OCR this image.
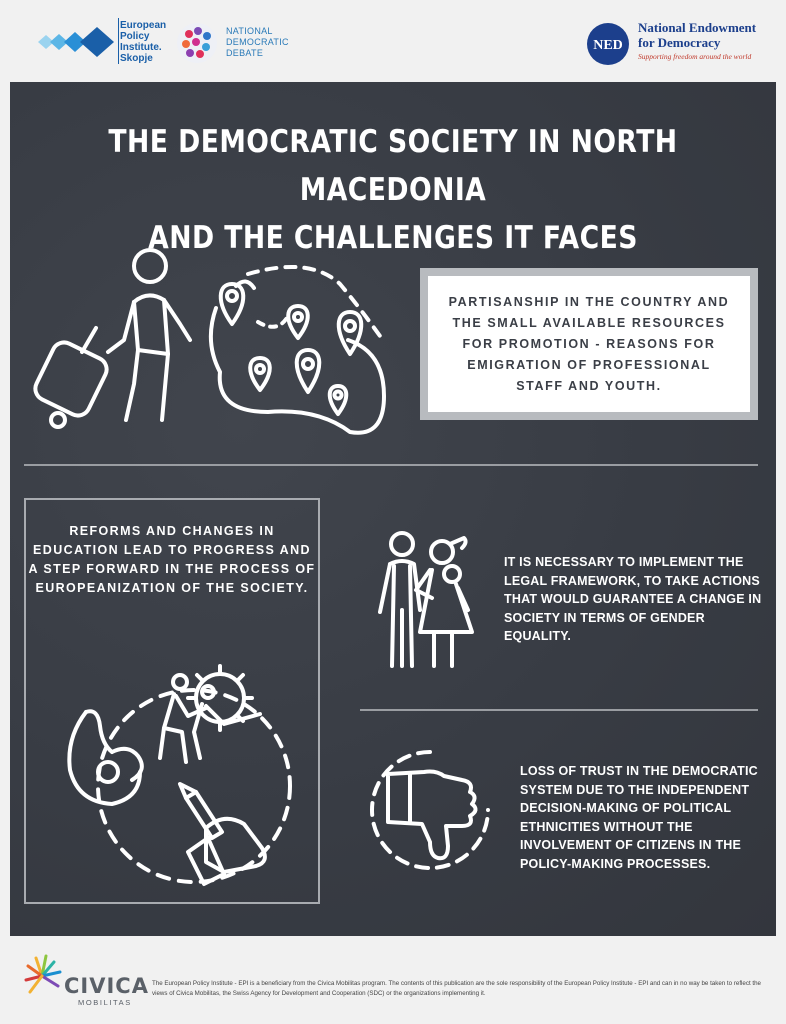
European
Policy
Institute.
Skopje
NATIONAL
DEMOCRATIC
DEBATE	NED
National Endowment
for Democracy
Supporting freedom around the world
THE DEMOCRATIC SOCIETY IN NORTH MACEDONIA
AND THE CHALLENGES IT FACES
PARTISANSHIP IN THE COUNTRY AND THE SMALL AVAILABLE RESOURCES FOR PROMOTION - REASONS FOR EMIGRATION OF PROFESSIONAL STAFF AND YOUTH.
REFORMS AND CHANGES IN EDUCATION LEAD TO PROGRESS AND A STEP FORWARD IN THE PROCESS OF EUROPEANIZATION OF THE SOCIETY.
IT IS NECESSARY TO IMPLEMENT THE LEGAL FRAMEWORK, TO TAKE ACTIONS THAT WOULD GUARANTEE A CHANGE IN SOCIETY IN TERMS OF GENDER EQUALITY.
LOSS OF TRUST IN THE DEMOCRATIC SYSTEM DUE TO THE INDEPENDENT DECISION-MAKING OF POLITICAL ETHNICITIES WITHOUT THE INVOLVEMENT OF CITIZENS IN THE POLICY-MAKING PROCESSES.
CIVICA
MOBILITAS
The European Policy Institute - EPI is a beneficiary from the Civica Mobilitas program. The contents of this publication are the sole responsibility of the European Policy Institute - EPI and can in no way be taken to reflect the views of Civica Mobilitas, the Swiss Agency for Development and Cooperation (SDC) or the organizations implementing it.
